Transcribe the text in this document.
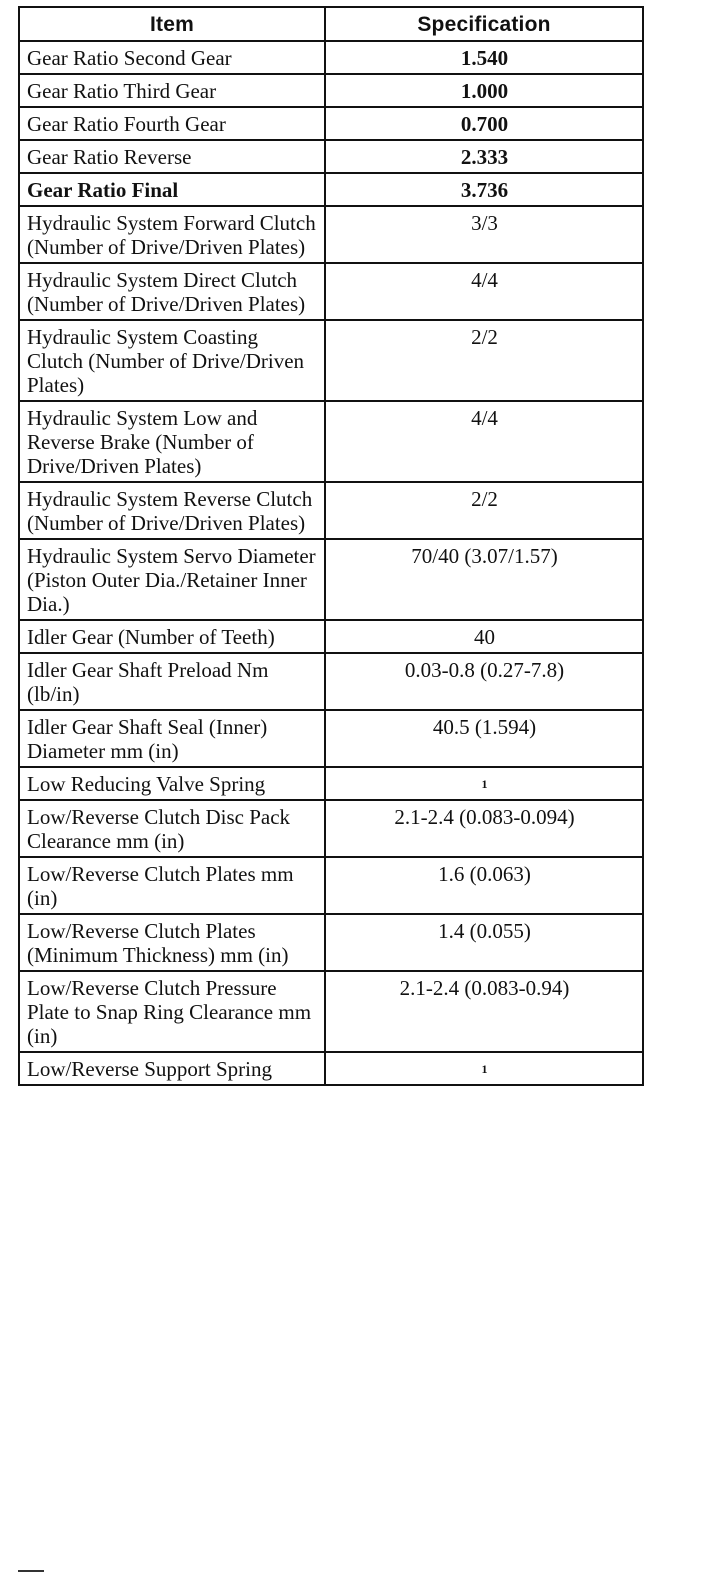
Item	Specification
Gear Ratio Second Gear	1.540
Gear Ratio Third Gear	1.000
Gear Ratio Fourth Gear	0.700
Gear Ratio Reverse	2.333
Gear Ratio Final	3.736
Hydraulic System Forward Clutch (Number of Drive/Driven Plates)	3/3
Hydraulic System Direct Clutch (Number of Drive/Driven Plates)	4/4
Hydraulic System Coasting Clutch (Number of Drive/Driven Plates)	2/2
Hydraulic System Low and Reverse Brake (Number of Drive/Driven Plates)	4/4
Hydraulic System Reverse Clutch (Number of Drive/Driven Plates)	2/2
Hydraulic System Servo Diameter (Piston Outer Dia./Retainer Inner Dia.)	70/40 (3.07/1.57)
Idler Gear (Number of Teeth)	40
Idler Gear Shaft Preload Nm (lb/in)	0.03-0.8 (0.27-7.8)
Idler Gear Shaft Seal (Inner) Diameter mm (in)	40.5 (1.594)
Low Reducing Valve Spring	1
Low/Reverse Clutch Disc Pack Clearance mm (in)	2.1-2.4 (0.083-0.094)
Low/Reverse Clutch Plates mm (in)	1.6 (0.063)
Low/Reverse Clutch Plates (Minimum Thickness) mm (in)	1.4 (0.055)
Low/Reverse Clutch Pressure Plate to Snap Ring Clearance mm (in)	2.1-2.4 (0.083-0.94)
Low/Reverse Support Spring	1
